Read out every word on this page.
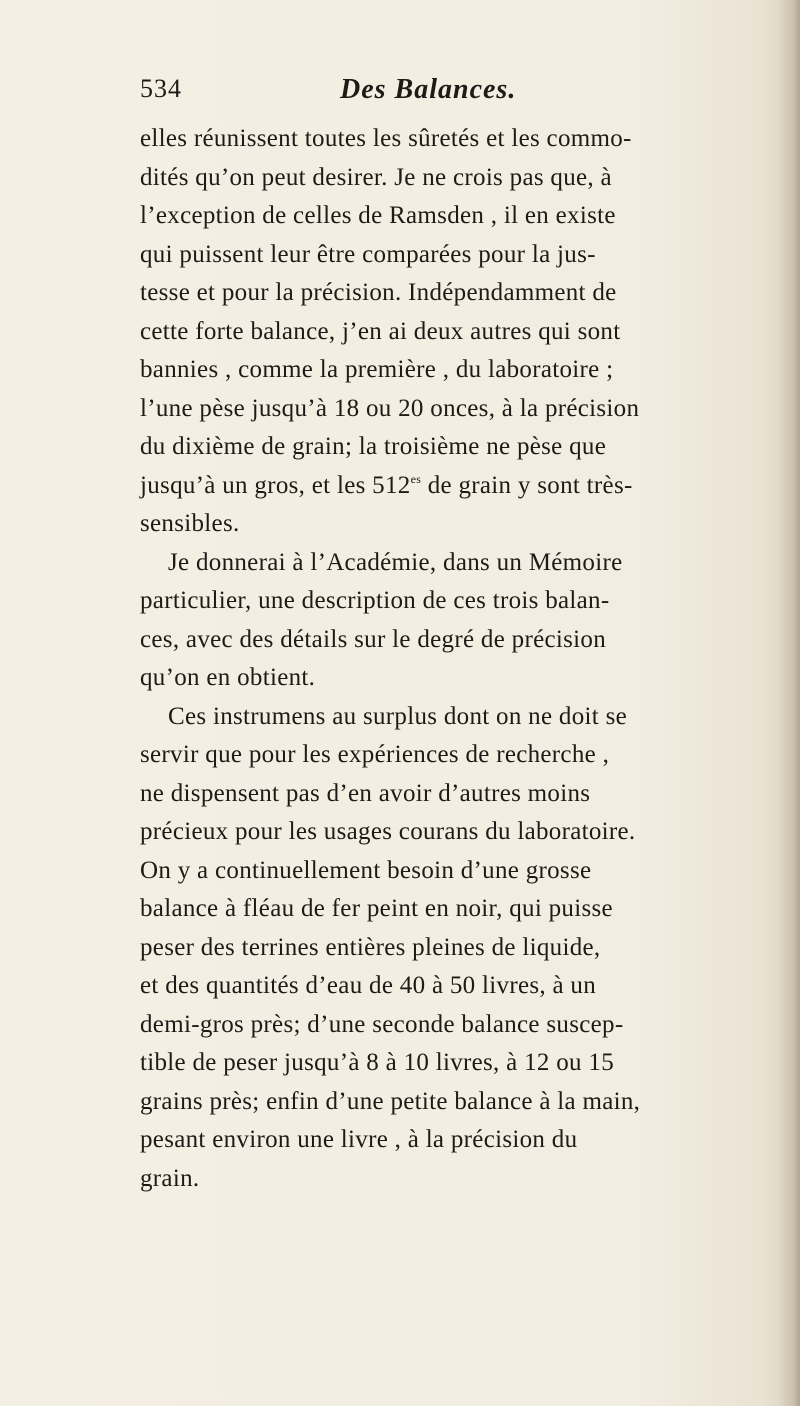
534	Des Balances.
elles réunissent toutes les sûretés et les commo-
dités qu’on peut desirer. Je ne crois pas que, à
l’exception de celles de Ramsden , il en existe
qui puissent leur être comparées pour la jus-
tesse et pour la précision. Indépendamment de
cette forte balance, j’en ai deux autres qui sont
bannies , comme la première , du laboratoire ;
l’une pèse jusqu’à 18 ou 20 onces, à la précision
du dixième de grain; la troisième ne pèse que
jusqu’à un gros, et les $512^{es}$ de grain y sont très-
sensibles.
Je donnerai à l’Académie, dans un Mémoire
particulier, une description de ces trois balan-
ces, avec des détails sur le degré de précision
qu’on en obtient.
Ces instrumens au surplus dont on ne doit se
servir que pour les expériences de recherche ,
ne dispensent pas d’en avoir d’autres moins
précieux pour les usages courans du laboratoire.
On y a continuellement besoin d’une grosse
balance à fléau de fer peint en noir, qui puisse
peser des terrines entières pleines de liquide,
et des quantités d’eau de 40 à 50 livres, à un
demi-gros près; d’une seconde balance suscep-
tible de peser jusqu’à 8 à 10 livres, à 12 ou 15
grains près; enfin d’une petite balance à la main,
pesant environ une livre , à la précision du
grain.
